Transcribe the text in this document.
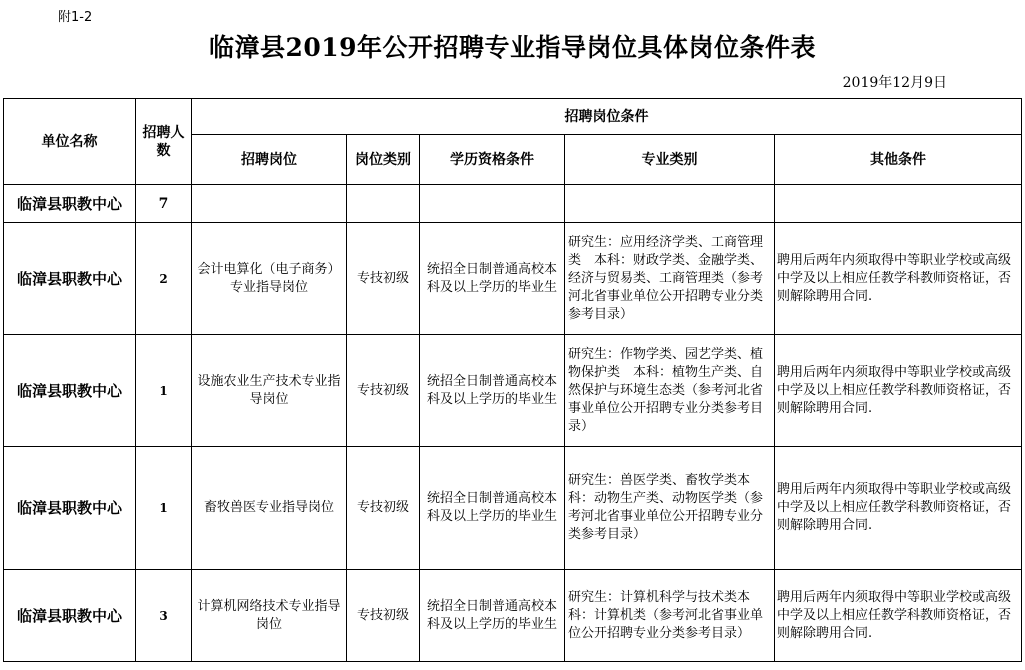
附1-2
临漳县2019年公开招聘专业指导岗位具体岗位条件表
2019年12月9日
单位名称	招聘人数	招聘岗位条件				
		招聘岗位	岗位类别	学历资格条件	专业类别	其他条件
临漳县职教中心	7					
临漳县职教中心	2	会计电算化（电子商务）专业指导岗位	专技初级	统招全日制普通高校本科及以上学历的毕业生	研究生：应用经济学类、工商管理类　本科：财政学类、金融学类、经济与贸易类、工商管理类（参考河北省事业单位公开招聘专业分类参考目录）	聘用后两年内须取得中等职业学校或高级中学及以上相应任教学科教师资格证，否则解除聘用合同.
临漳县职教中心	1	设施农业生产技术专业指导岗位	专技初级	统招全日制普通高校本科及以上学历的毕业生	研究生：作物学类、园艺学类、植物保护类　本科：植物生产类、自然保护与环境生态类（参考河北省事业单位公开招聘专业分类参考目录）	聘用后两年内须取得中等职业学校或高级中学及以上相应任教学科教师资格证，否则解除聘用合同.
临漳县职教中心	1	畜牧兽医专业指导岗位	专技初级	统招全日制普通高校本科及以上学历的毕业生	研究生：兽医学类、畜牧学类本科：动物生产类、动物医学类（参考河北省事业单位公开招聘专业分类参考目录）	聘用后两年内须取得中等职业学校或高级中学及以上相应任教学科教师资格证，否则解除聘用合同.
临漳县职教中心	3	计算机网络技术专业指导岗位	专技初级	统招全日制普通高校本科及以上学历的毕业生	研究生：计算机科学与技术类本科：计算机类（参考河北省事业单位公开招聘专业分类参考目录）	聘用后两年内须取得中等职业学校或高级中学及以上相应任教学科教师资格证，否则解除聘用合同.
